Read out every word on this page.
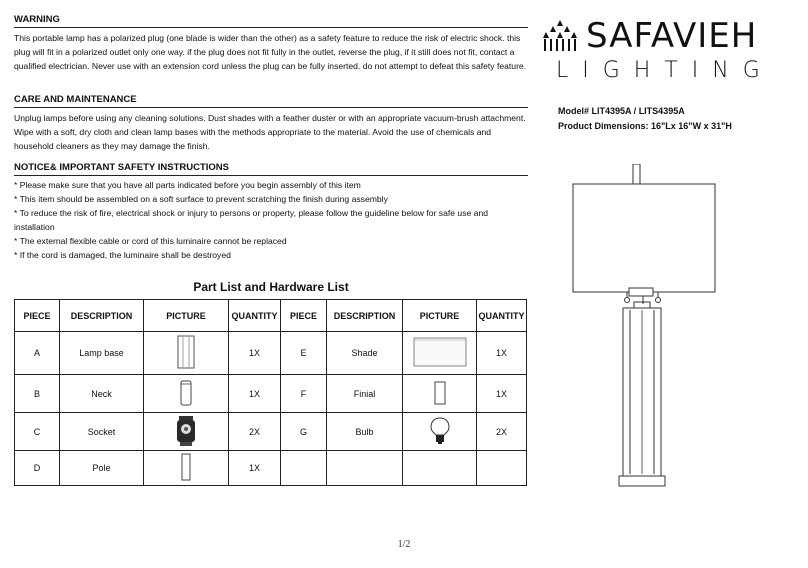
WARNING
This portable lamp has a polarized plug (one blade is wider than the other) as a safety feature to reduce the risk of electric shock. this plug will fit in a polarized outlet only one way. if the plug does not fit fully in the outlet, reverse the plug, if it still does not fit, contact a qualified electrician. Never use with an extension cord unless the plug can be fully inserted. do not attempt to defeat this safety feature.
CARE AND MAINTENANCE
Unplug lamps before using any cleaning solutions. Dust shades with a feather duster or with an appropriate vacuum-brush attachment. Wipe with a soft, dry cloth and clean lamp bases with the methods appropriate to the material. Avoid the use of chemicals and household cleaners as they may damage the finish.
NOTICE& IMPORTANT SAFETY INSTRUCTIONS
* Please make sure that you have all parts indicated before you begin assembly of this item
* This item should be assembled on a soft surface to prevent scratching the finish during assembly
* To reduce the risk of fire, electrical shock or injury to persons or property, please follow the guideline below for safe use and installation
* The external flexible cable or cord of this luminaire cannot be replaced
* If the cord is damaged, the luminaire shall be destroyed
Part List and Hardware List
PIECE	DESCRIPTION	PICTURE	QUANTITY	PIECE	DESCRIPTION	PICTURE	QUANTITY
A	Lamp base		1X	E	Shade		1X
B	Neck		1X	F	Finial		1X
C	Socket		2X	G	Bulb		2X
D	Pole		1X				
SAFAVIEH
LIGHTING
Model# LIT4395A / LITS4395A
Product Dimensions: 16"Lx 16"W x 31"H
1/2
